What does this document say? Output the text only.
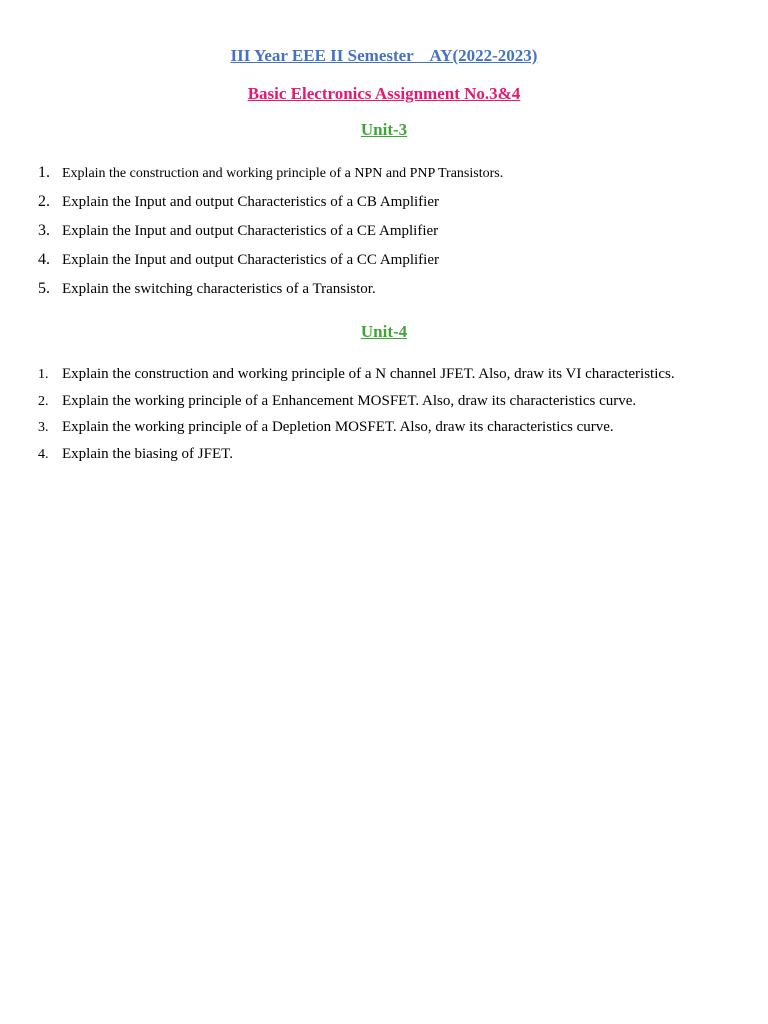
III Year EEE II Semester    AY(2022-2023)

Basic Electronics Assignment No.3&4

Unit-3

1. Explain the construction and working principle of a NPN and PNP Transistors.
2. Explain the Input and output Characteristics of a CB Amplifier
3. Explain the Input and output Characteristics of a CE Amplifier
4. Explain the Input and output Characteristics of a CC Amplifier
5. Explain the switching characteristics of a Transistor.

Unit-4

1. Explain the construction and working principle of a N channel JFET. Also, draw its VI characteristics.
2. Explain the working principle of a Enhancement MOSFET. Also, draw its characteristics curve.
3. Explain the working principle of a Depletion MOSFET. Also, draw its characteristics curve.
4. Explain the biasing of JFET.
